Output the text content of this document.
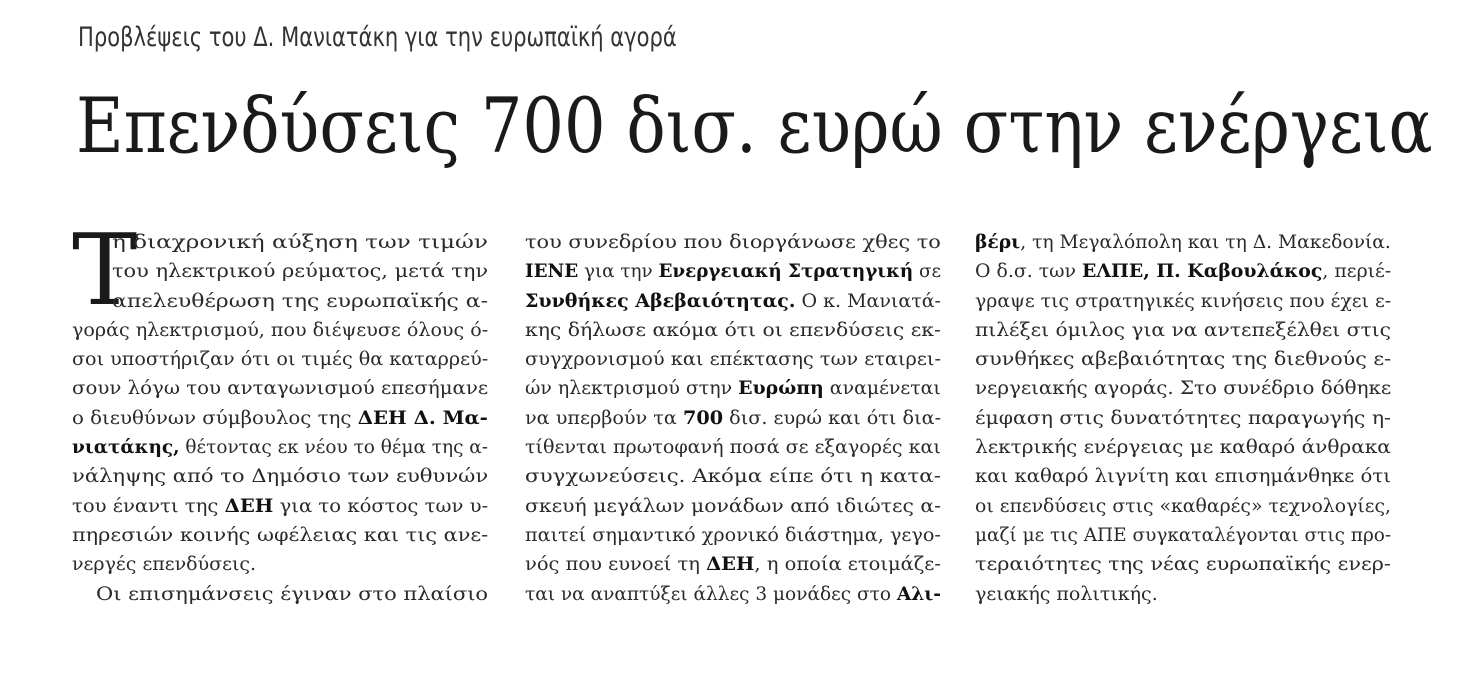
Προβλέψεις του Δ. Μανιατάκη για την ευρωπαϊκή αγορά
Επενδύσεις 700 δισ. ευρώ στην ενέργεια
Τ
η διαχρονική αύξηση των τιμών
του ηλεκτρικού ρεύματος, μετά την
απελευθέρωση της ευρωπαϊκής α-
γοράς ηλεκτρισμού, που διέψευσε όλους ό-
σοι υποστήριζαν ότι οι τιμές θα καταρρεύ-
σουν λόγω του ανταγωνισμού επεσήμανε
ο διευθύνων σύμβουλος της ΔΕΗ Δ. Μα-
νιατάκης, θέτοντας εκ νέου το θέμα της α-
νάληψης από το Δημόσιο των ευθυνών
του έναντι της ΔΕΗ για το κόστος των υ-
πηρεσιών κοινής ωφέλειας και τις ανε-
νεργές επενδύσεις.
Οι επισημάνσεις έγιναν στο πλαίσιο
του συνεδρίου που διοργάνωσε χθες το
ΙΕΝΕ για την Ενεργειακή Στρατηγική σε
Συνθήκες Αβεβαιότητας. Ο κ. Μανιατά-
κης δήλωσε ακόμα ότι οι επενδύσεις εκ-
συγχρονισμού και επέκτασης των εταιρει-
ών ηλεκτρισμού στην Ευρώπη αναμένεται
να υπερβούν τα 700 δισ. ευρώ και ότι δια-
τίθενται πρωτοφανή ποσά σε εξαγορές και
συγχωνεύσεις. Ακόμα είπε ότι η κατα-
σκευή μεγάλων μονάδων από ιδιώτες α-
παιτεί σημαντικό χρονικό διάστημα, γεγο-
νός που ευνοεί τη ΔΕΗ, η οποία ετοιμάζε-
ται να αναπτύξει άλλες 3 μονάδες στο Αλι-
βέρι, τη Μεγαλόπολη και τη Δ. Μακεδονία.
Ο δ.σ. των ΕΛΠΕ, Π. Καβουλάκος, περιέ-
γραψε τις στρατηγικές κινήσεις που έχει ε-
πιλέξει όμιλος για να αντεπεξέλθει στις
συνθήκες αβεβαιότητας της διεθνούς ε-
νεργειακής αγοράς. Στο συνέδριο δόθηκε
έμφαση στις δυνατότητες παραγωγής η-
λεκτρικής ενέργειας με καθαρό άνθρακα
και καθαρό λιγνίτη και επισημάνθηκε ότι
οι επενδύσεις στις «καθαρές» τεχνολογίες,
μαζί με τις ΑΠΕ συγκαταλέγονται στις προ-
τεραιότητες της νέας ευρωπαϊκής ενερ-
γειακής πολιτικής.
